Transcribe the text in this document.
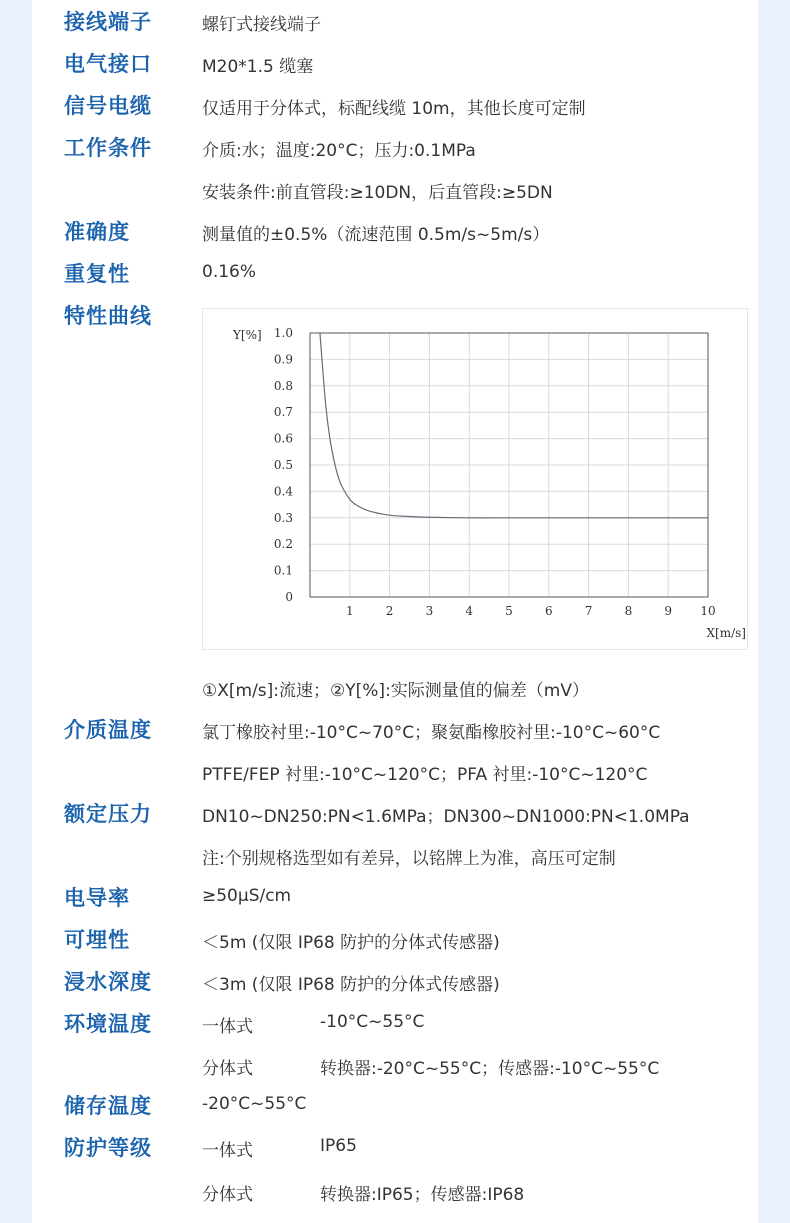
接线端子	螺钉式接线端子
电气接口	M20*1.5 缆塞
信号电缆	仅适用于分体式，标配线缆 10m，其他长度可定制
工作条件	介质:水；温度:20°C；压力:0.1MPa
安装条件:前直管段:≥10DN，后直管段:≥5DN
准确度	测量值的±0.5%（流速范围 0.5m/s~5m/s）
重复性	0.16%
特性曲线
0
0.1
0.2
0.3
0.4
0.5
0.6
0.7
0.8
0.9
1.0
1	2	3	4	5	6	7	8	9 10
Y[%]
X[m/s]
①X[m/s]:流速；②Y[%]:实际测量值的偏差（mV）
介质温度	氯丁橡胶衬里:-10°C~70°C；聚氨酯橡胶衬里:-10°C~60°C
PTFE/FEP 衬里:-10°C~120°C；PFA 衬里:-10°C~120°C
额定压力	DN10~DN250:PN<1.6MPa；DN300~DN1000:PN<1.0MPa
注:个别规格选型如有差异，以铭牌上为准，高压可定制
电导率	≥50μS/cm
可埋性	＜5m (仅限 IP68 防护的分体式传感器)
浸水深度	＜3m (仅限 IP68 防护的分体式传感器)
环境温度	一体式	-10°C~55°C
分体式	转换器:-20°C~55°C；传感器:-10°C~55°C
储存温度	-20°C~55°C
防护等级	一体式	IP65
分体式	转换器:IP65；传感器:IP68
